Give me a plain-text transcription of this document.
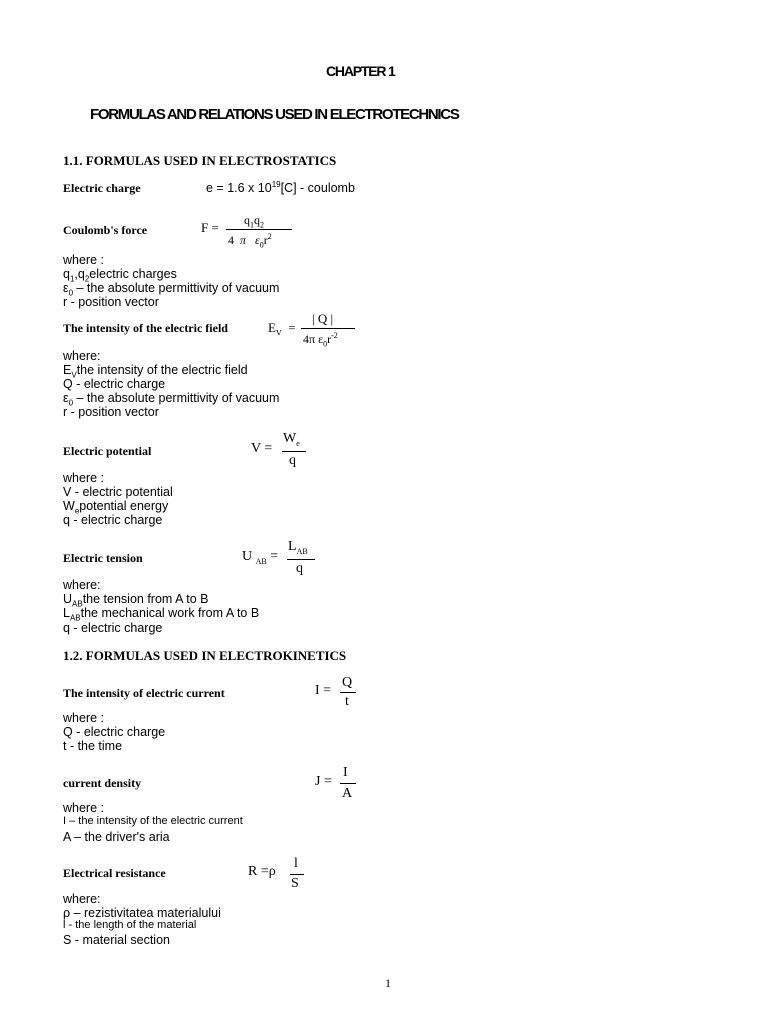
CHAPTER 1
FORMULAS AND RELATIONS USED IN ELECTROTECHNICS
1.1. FORMULAS USED IN ELECTROSTATICS
Electric charge	e = 1.6 x $10^{19}[C]$ - coulomb
Coulomb's force	$F = q_1q_2$
4 π $\varepsilon_0r^2$
where :
$q_1,q_2electric$ charges
$\varepsilon_0$ – the absolute permittivity of vacuum
r - position vector
The intensity of the electric field	$E_V$ =
| Q |
4π $\varepsilon_0r^{-2}$
where:
$E_Vthe$ intensity of the electric field
Q - electric charge
$\varepsilon_0$ – the absolute permittivity of vacuum
r - position vector
Electric potential	V =
$W_e$
q
where :
V - electric potential
$W_epotential$ energy
q - electric charge
Electric tension	U $_{AB}$ =
$L_{AB}$
q
where:
$U_{AB}the$ tension from A to B
$L_{AB}the$ mechanical work from A to B
q - electric charge
1.2. FORMULAS USED IN ELECTROKINETICS
The intensity of electric current	I =
Q
t
where :
Q - electric charge
t - the time
current density	J =
I
A
where :
I – the intensity of the electric current
A – the driver's aria
Electrical resistance	R =ρ
l
S
where:
ρ – rezistivitatea materialului
l - the length of the material
S - material section
1
